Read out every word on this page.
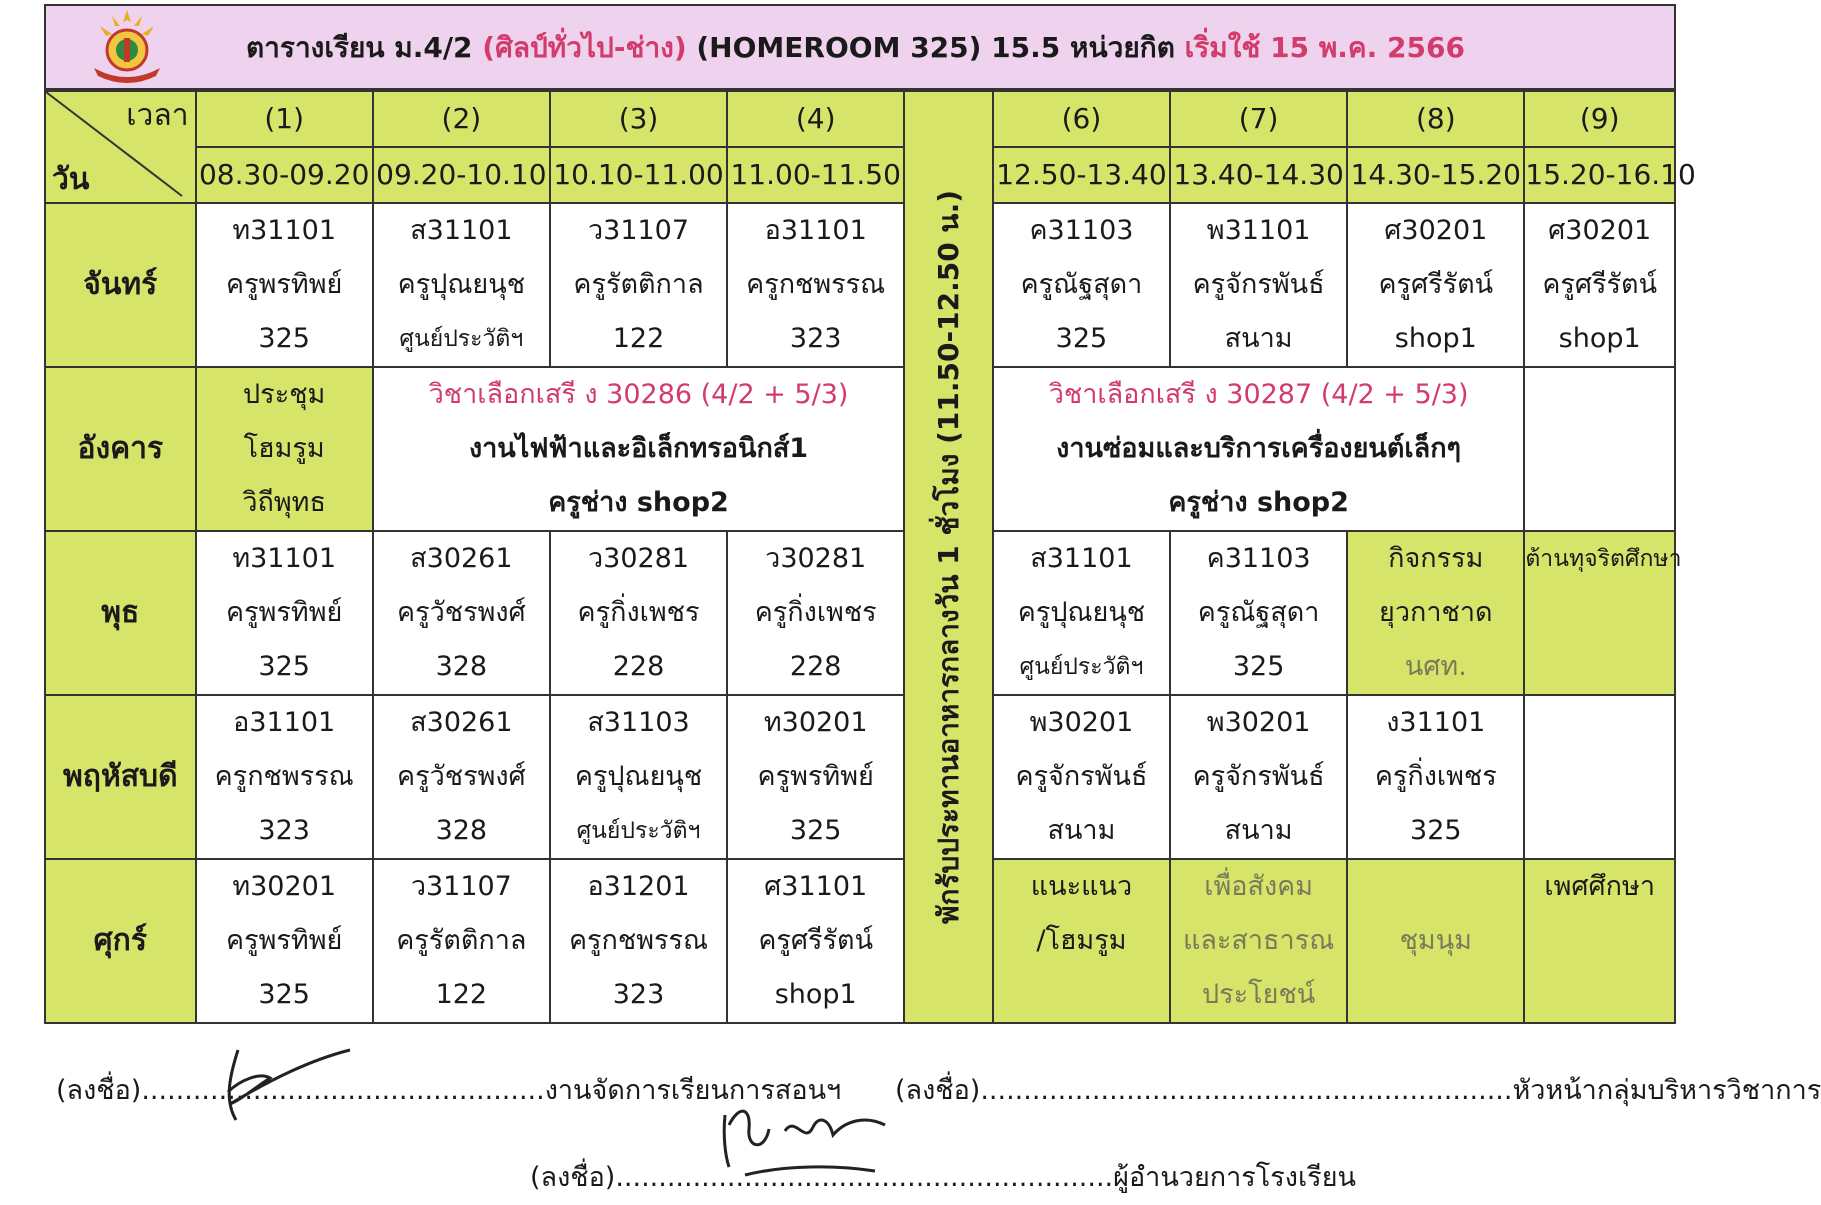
ตารางเรียน ม.4/2 (ศิลป์ทั่วไป-ช่าง) (HOMEROOM 325) 15.5 หน่วยกิต เริ่มใช้ 15 พ.ค. 2566
เวลา
วัน	(1)	(2)	(3)	(4)	พักรับประทานอาหารกลางวัน 1 ชั่วโมง (11.50-12.50 น.)	(6)	(7)	(8)	(9)
	08.30-09.20	09.20-10.10	10.10-11.00	11.00-11.50		12.50-13.40	13.40-14.30	14.30-15.20	15.20-16.10
จันทร์	ท31101
ครูพรทิพย์
325	ส31101
ครูปุณยนุช
ศูนย์ประวัติฯ	ว31107
ครูรัตติกาล
122	อ31101
ครูกชพรรณ
323		ค31103
ครูณัฐสุดา
325	พ31101
ครูจักรพันธ์
สนาม	ศ30201
ครูศรีรัตน์
shop1	ศ30201
ครูศรีรัตน์
shop1

อังคาร	ประชุม
โฮมรูม
วิถีพุทธ	วิชาเลือกเสรี ง 30286 (4/2 + 5/3)
งานไฟฟ้าและอิเล็กทรอนิกส์1
ครูช่าง shop2				วิชาเลือกเสรี ง 30287 (4/2 + 5/3)
งานซ่อมและบริการเครื่องยนต์เล็กๆ
ครูช่าง shop2			

พุธ	ท31101
ครูพรทิพย์
325	ส30261
ครูวัชรพงศ์
328	ว30281
ครูกิ่งเพชร
228	ว30281
ครูกิ่งเพชร
228		ส31101
ครูปุณยนุช
ศูนย์ประวัติฯ	ค31103
ครูณัฐสุดา
325	กิจกรรม
ยุวกาชาด
นศท.	ต้านทุจริตศึกษา

พฤหัสบดี	อ31101
ครูกชพรรณ
323	ส30261
ครูวัชรพงศ์
328	ส31103
ครูปุณยนุช
ศูนย์ประวัติฯ	ท30201
ครูพรทิพย์
325		พ30201
ครูจักรพันธ์
สนาม	พ30201
ครูจักรพันธ์
สนาม	ง31101
ครูกิ่งเพชร
325	

ศุกร์	ท30201
ครูพรทิพย์
325	ว31107
ครูรัตติกาล
122	อ31201
ครูกชพรรณ
323	ศ31101
ครูศรีรัตน์
shop1		แนะแนว
/โฮมรูม	เพื่อสังคม
และสาธารณ
ประโยชน์	ชุมนุม	เพศศึกษา
(ลงชื่อ)...............................................งานจัดการเรียนการสอนฯ (ลงชื่อ)..............................................................หัวหน้ากลุ่มบริหารวิชาการ
(ลงชื่อ)..........................................................ผู้อำนวยการโรงเรียน
